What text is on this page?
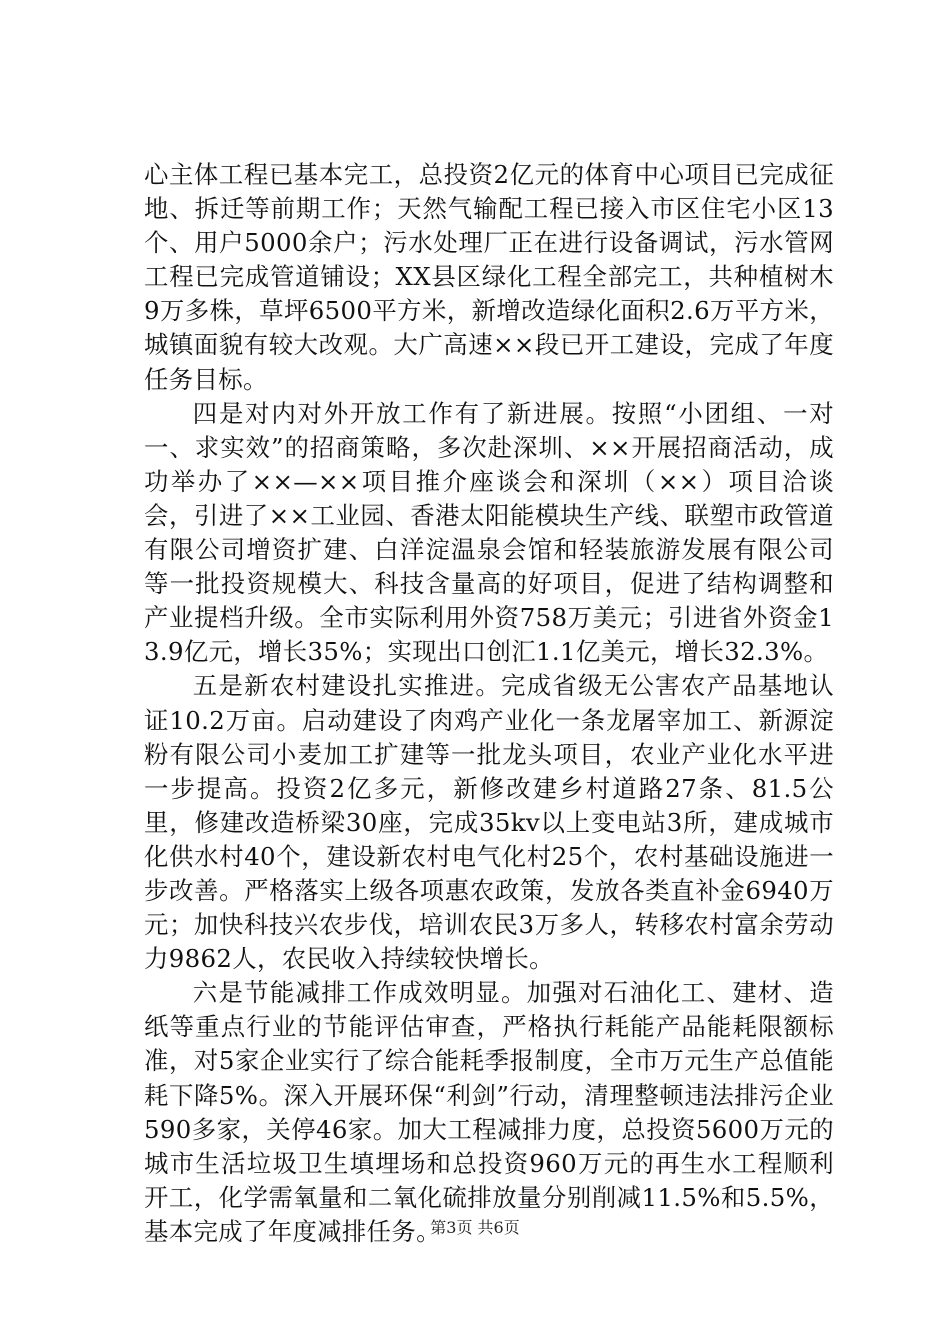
心主体工程已基本完工，总投资2亿元的体育中心项目已完成征地、拆迁等前期工作；天然气输配工程已接入市区住宅小区13个、用户5000余户；污水处理厂正在进行设备调试，污水管网工程已完成管道铺设；XX县区绿化工程全部完工，共种植树木9万多株，草坪6500平方米，新增改造绿化面积2.6万平方米，城镇面貌有较大改观。大广高速××段已开工建设，完成了年度任务目标。

四是对内对外开放工作有了新进展。按照“小团组、一对一、求实效”的招商策略，多次赴深圳、××开展招商活动，成功举办了××—××项目推介座谈会和深圳（××）项目洽谈会，引进了××工业园、香港太阳能模块生产线、联塑市政管道有限公司增资扩建、白洋淀温泉会馆和轻装旅游发展有限公司等一批投资规模大、科技含量高的好项目，促进了结构调整和产业提档升级。全市实际利用外资758万美元；引进省外资金13.9亿元，增长35%；实现出口创汇1.1亿美元，增长32.3%。

五是新农村建设扎实推进。完成省级无公害农产品基地认证10.2万亩。启动建设了肉鸡产业化一条龙屠宰加工、新源淀粉有限公司小麦加工扩建等一批龙头项目，农业产业化水平进一步提高。投资2亿多元，新修改建乡村道路27条、81.5公里，修建改造桥梁30座，完成35kv以上变电站3所，建成城市化供水村40个，建设新农村电气化村25个，农村基础设施进一步改善。严格落实上级各项惠农政策，发放各类直补金6940万元；加快科技兴农步伐，培训农民3万多人，转移农村富余劳动力9862人，农民收入持续较快增长。

六是节能减排工作成效明显。加强对石油化工、建材、造纸等重点行业的节能评估审查，严格执行耗能产品能耗限额标准，对5家企业实行了综合能耗季报制度，全市万元生产总值能耗下降5%。深入开展环保“利剑”行动，清理整顿违法排污企业590多家，关停46家。加大工程减排力度，总投资5600万元的城市生活垃圾卫生填埋场和总投资960万元的再生水工程顺利开工，化学需氧量和二氧化硫排放量分别削减11.5%和5.5%，基本完成了年度减排任务。

第3页 共6页
